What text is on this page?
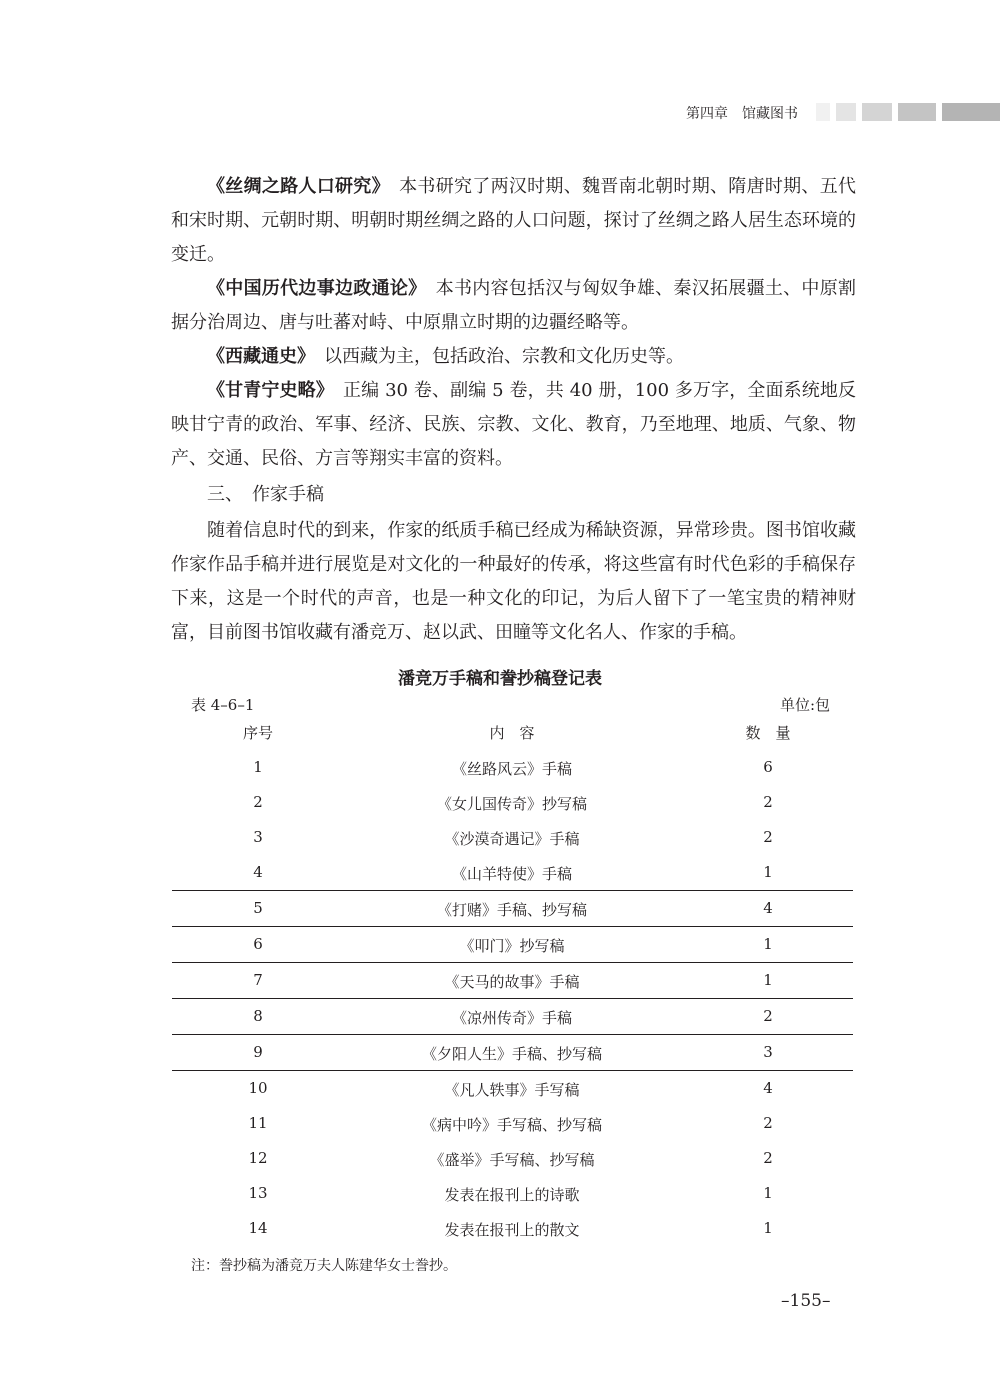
第四章　馆藏图书

《丝绸之路人口研究》　本书研究了两汉时期、魏晋南北朝时期、隋唐时期、五代和宋时期、元朝时期、明朝时期丝绸之路的人口问题，探讨了丝绸之路人居生态环境的变迁。

《中国历代边事边政通论》　本书内容包括汉与匈奴争雄、秦汉拓展疆土、中原割据分治周边、唐与吐蕃对峙、中原鼎立时期的边疆经略等。

《西藏通史》　以西藏为主，包括政治、宗教和文化历史等。

《甘青宁史略》　正编 30 卷、副编 5 卷，共 40 册，100 多万字，全面系统地反映甘宁青的政治、军事、经济、民族、宗教、文化、教育，乃至地理、地质、气象、物产、交通、民俗、方言等翔实丰富的资料。

三、　作家手稿

随着信息时代的到来，作家的纸质手稿已经成为稀缺资源，异常珍贵。图书馆收藏作家作品手稿并进行展览是对文化的一种最好的传承，将这些富有时代色彩的手稿保存下来，这是一个时代的声音，也是一种文化的印记，为后人留下了一笔宝贵的精神财富，目前图书馆收藏有潘竞万、赵以武、田瞳等文化名人、作家的手稿。

潘竞万手稿和誊抄稿登记表

表 4–6–1	单位:包
序号	内　容	数　量
1	《丝路风云》手稿	6
2	《女儿国传奇》抄写稿	2
3	《沙漠奇遇记》手稿	2
4	《山羊特使》手稿	1
5	《打赌》手稿、抄写稿	4
6	《叩门》抄写稿	1
7	《天马的故事》手稿	1
8	《凉州传奇》手稿	2
9	《夕阳人生》手稿、抄写稿	3
10	《凡人轶事》手写稿	4
11	《病中吟》手写稿、抄写稿	2
12	《盛举》手写稿、抄写稿	2
13	发表在报刊上的诗歌	1
14	发表在报刊上的散文	1
注：誊抄稿为潘竞万夫人陈建华女士誊抄。
–155–
